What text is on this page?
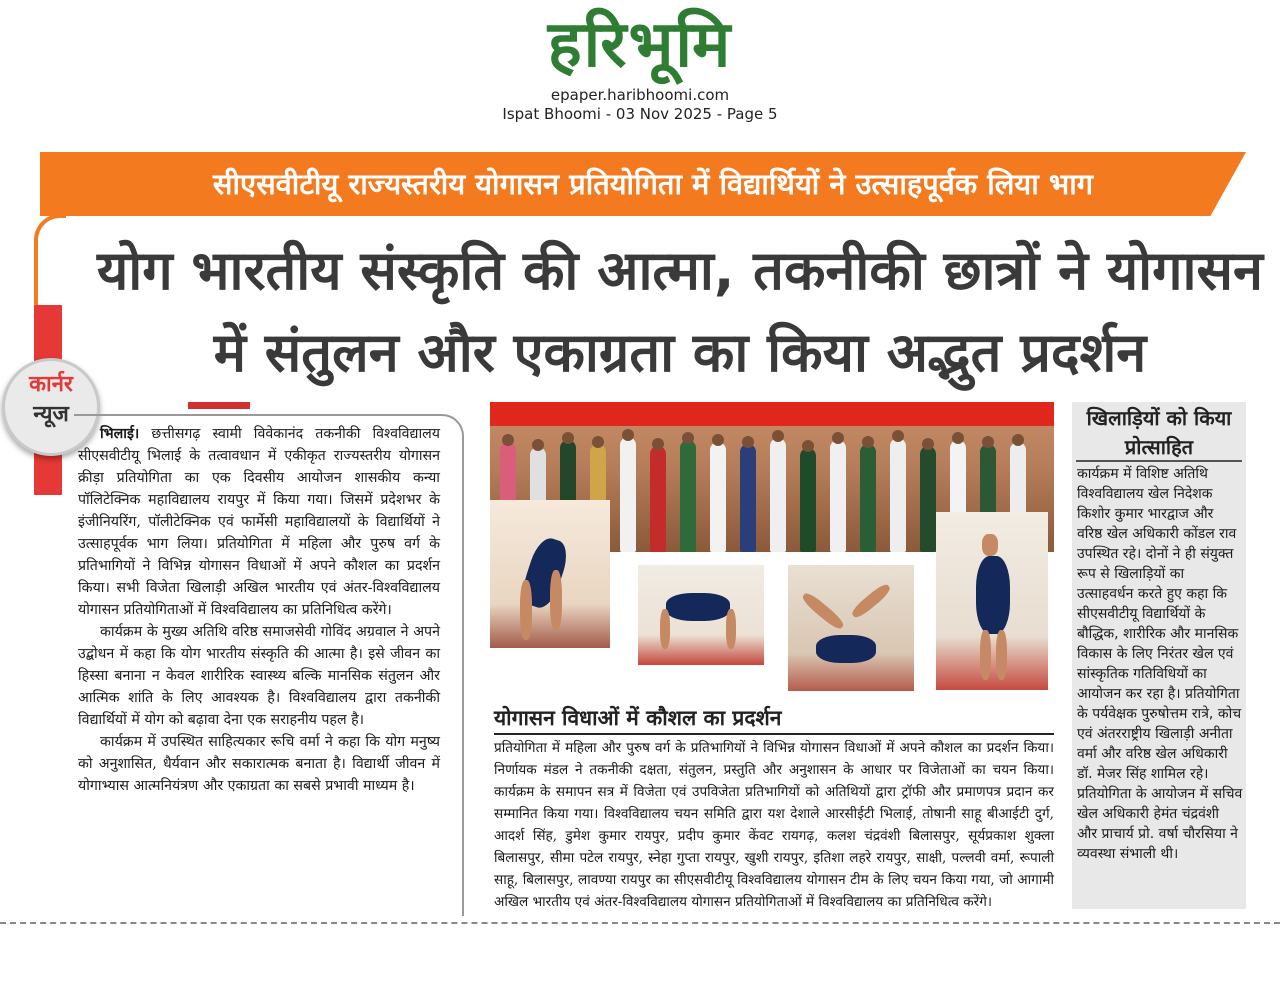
हरिभूमि
epaper.haribhoomi.com
Ispat Bhoomi - 03 Nov 2025 - Page 5
सीएसवीटीयू राज्यस्तरीय योगासन प्रतियोगिता में विद्यार्थियों ने उत्साहपूर्वक लिया भाग
योग भारतीय संस्कृति की आत्मा, तकनीकी छात्रों ने योगासन
में संतुलन और एकाग्रता का किया अद्भुत प्रदर्शन
कार्नर
न्यूज

भिलाई। छत्तीसगढ़ स्वामी विवेकानंद तकनीकी विश्वविद्यालय सीएसवीटीयू भिलाई के तत्वावधान में एकीकृत राज्यस्तरीय योगासन क्रीड़ा प्रतियोगिता का एक दिवसीय आयोजन शासकीय कन्या पॉलिटेक्निक महाविद्यालय रायपुर में किया गया। जिसमें प्रदेशभर के इंजीनियरिंग, पॉलीटेक्निक एवं फार्मेसी महाविद्यालयों के विद्यार्थियों ने उत्साहपूर्वक भाग लिया। प्रतियोगिता में महिला और पुरुष वर्ग के प्रतिभागियों ने विभिन्न योगासन विधाओं में अपने कौशल का प्रदर्शन किया। सभी विजेता खिलाड़ी अखिल भारतीय एवं अंतर-विश्वविद्यालय योगासन प्रतियोगिताओं में विश्वविद्यालय का प्रतिनिधित्व करेंगे।

कार्यक्रम के मुख्य अतिथि वरिष्ठ समाजसेवी गोविंद अग्रवाल ने अपने उद्बोधन में कहा कि योग भारतीय संस्कृति की आत्मा है। इसे जीवन का हिस्सा बनाना न केवल शारीरिक स्वास्थ्य बल्कि मानसिक संतुलन और आत्मिक शांति के लिए आवश्यक है। विश्वविद्यालय द्वारा तकनीकी विद्यार्थियों में योग को बढ़ावा देना एक सराहनीय पहल है।

कार्यक्रम में उपस्थित साहित्यकार रूचि वर्मा ने कहा कि योग मनुष्य को अनुशासित, धैर्यवान और सकारात्मक बनाता है। विद्यार्थी जीवन में योगाभ्यास आत्मनियंत्रण और एकाग्रता का सबसे प्रभावी माध्यम है।

योगासन विधाओं में कौशल का प्रदर्शन
प्रतियोगिता में महिला और पुरुष वर्ग के प्रतिभागियों ने विभिन्न योगासन विधाओं में अपने कौशल का प्रदर्शन किया। निर्णायक मंडल ने तकनीकी दक्षता, संतुलन, प्रस्तुति और अनुशासन के आधार पर विजेताओं का चयन किया। कार्यक्रम के समापन सत्र में विजेता एवं उपविजेता प्रतिभागियों को अतिथियों द्वारा ट्रॉफी और प्रमाणपत्र प्रदान कर सम्मानित किया गया। विश्वविद्यालय चयन समिति द्वारा यश देशाले आरसीईटी भिलाई, तोषानी साहू बीआईटी दुर्ग, आदर्श सिंह, डुमेश कुमार रायपुर, प्रदीप कुमार केंवट रायगढ़, कलश चंद्रवंशी बिलासपुर, सूर्यप्रकाश शुक्ला बिलासपुर, सीमा पटेल रायपुर, स्नेहा गुप्ता रायपुर, खुशी रायपुर, इतिशा लहरे रायपुर, साक्षी, पल्लवी वर्मा, रूपाली साहू, बिलासपुर, लावण्या रायपुर का सीएसवीटीयू विश्वविद्यालय योगासन टीम के लिए चयन किया गया, जो आगामी अखिल भारतीय एवं अंतर-विश्वविद्यालय योगासन प्रतियोगिताओं में विश्वविद्यालय का प्रतिनिधित्व करेंगे।
खिलाड़ियों को किया प्रोत्साहित
कार्यक्रम में विशिष्ट अतिथि विश्वविद्यालय खेल निदेशक किशोर कुमार भारद्वाज और वरिष्ठ खेल अधिकारी कोंडल राव उपस्थित रहे। दोनों ने ही संयुक्त रूप से खिलाड़ियों का उत्साहवर्धन करते हुए कहा कि सीएसवीटीयू विद्यार्थियों के बौद्धिक, शारीरिक और मानसिक विकास के लिए निरंतर खेल एवं सांस्कृतिक गतिविधियों का आयोजन कर रहा है। प्रतियोगिता के पर्यवेक्षक पुरुषोत्तम रात्रे, कोच एवं अंतरराष्ट्रीय खिलाड़ी अनीता वर्मा और वरिष्ठ खेल अधिकारी डॉ. मेजर सिंह शामिल रहे। प्रतियोगिता के आयोजन में सचिव खेल अधिकारी हेमंत चंद्रवंशी और प्राचार्य प्रो. वर्षा चौरसिया ने व्यवस्था संभाली थी।
